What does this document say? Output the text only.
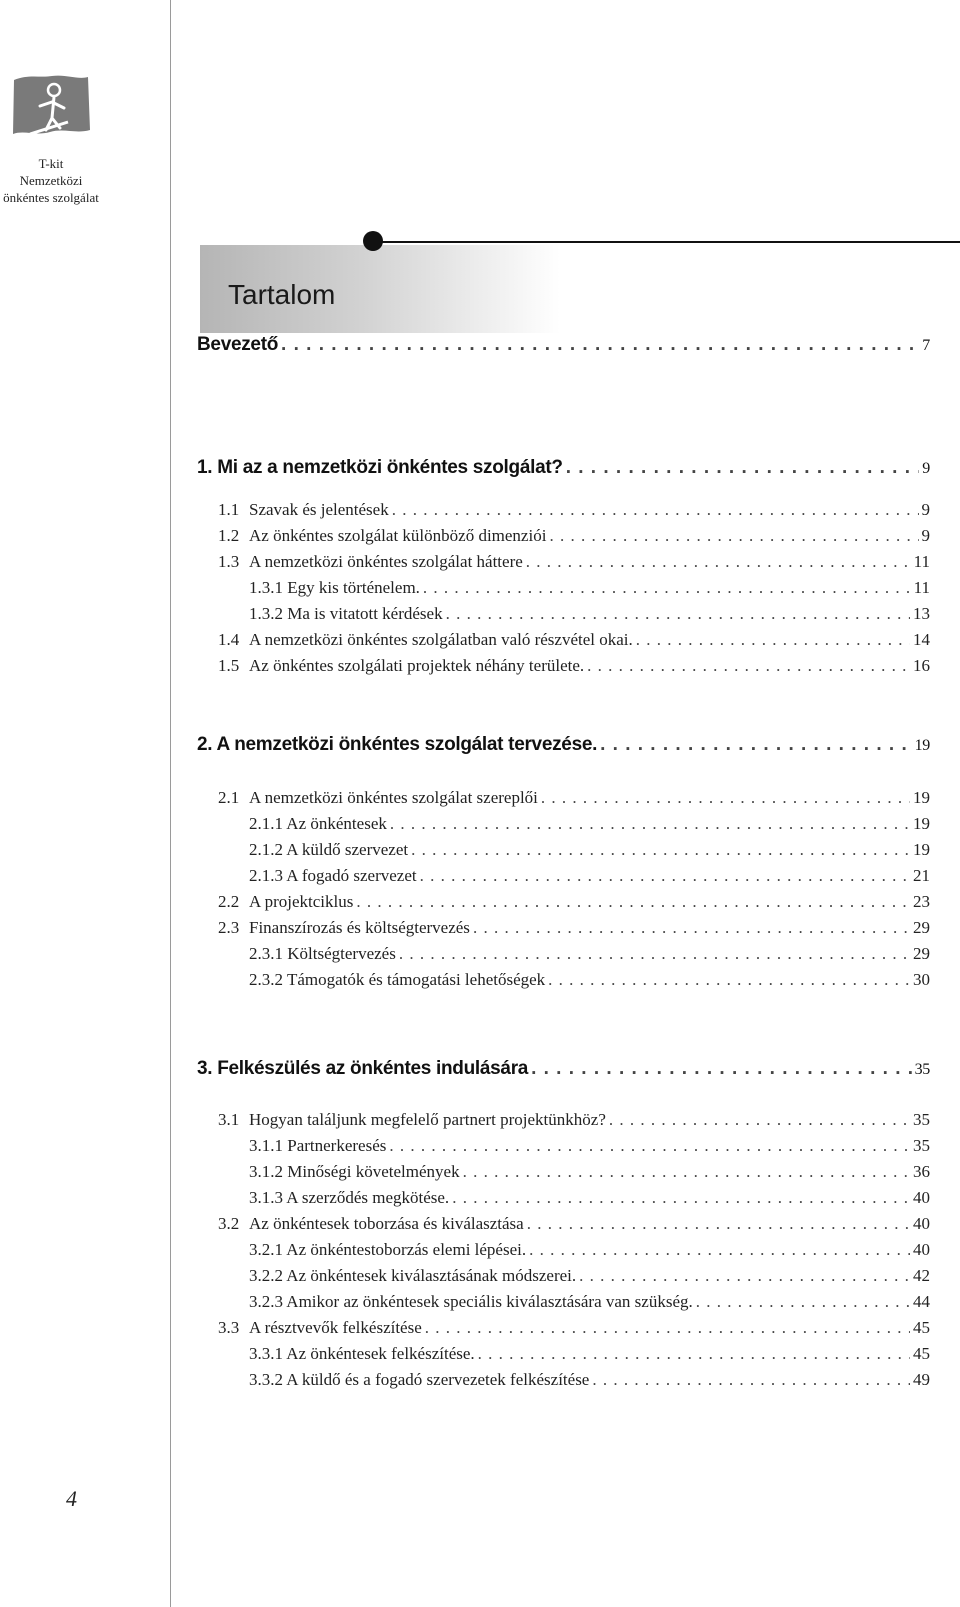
T-kit
Nemzetközi
önkéntes szolgálat
Tartalom
Bevezető . . .	7
1. Mi az a nemzetközi önkéntes szolgálat? . . .	9
1.1 Szavak és jelentések . . .	9
1.2 Az önkéntes szolgálat különböző dimenziói . . .	9
1.3 A nemzetközi önkéntes szolgálat háttere . . .	11
1.3.1 Egy kis történelem. . . .	11
1.3.2 Ma is vitatott kérdések . . .	13
1.4 A nemzetközi önkéntes szolgálatban való részvétel okai. . . .	14
1.5 Az önkéntes szolgálati projektek néhány területe. . . .	16
2. A nemzetközi önkéntes szolgálat tervezése. . . .	19
2.1 A nemzetközi önkéntes szolgálat szereplői . . .	19
2.1.1 Az önkéntesek . . .	19
2.1.2 A küldő szervezet . . .	19
2.1.3 A fogadó szervezet . . .	21
2.2 A projektciklus . . .	23
2.3 Finanszírozás és költségtervezés . . .	29
2.3.1 Költségtervezés . . .	29
2.3.2 Támogatók és támogatási lehetőségek . . .	30
3. Felkészülés az önkéntes indulására . . .	35
3.1 Hogyan találjunk megfelelő partnert projektünkhöz? . . .	35
3.1.1 Partnerkeresés . . .	35
3.1.2 Minőségi követelmények . . .	36
3.1.3 A szerződés megkötése. . . .	40
3.2 Az önkéntesek toborzása és kiválasztása . . .	40
3.2.1 Az önkéntestoborzás elemi lépései. . . .	40
3.2.2 Az önkéntesek kiválasztásának módszerei. . . .	42
3.2.3 Amikor az önkéntesek speciális kiválasztására van szükség. . . .	44
3.3 A résztvevők felkészítése . . .	45
3.3.1 Az önkéntesek felkészítése. . . .	45
3.3.2 A küldő és a fogadó szervezetek felkészítése . . .	49
4
